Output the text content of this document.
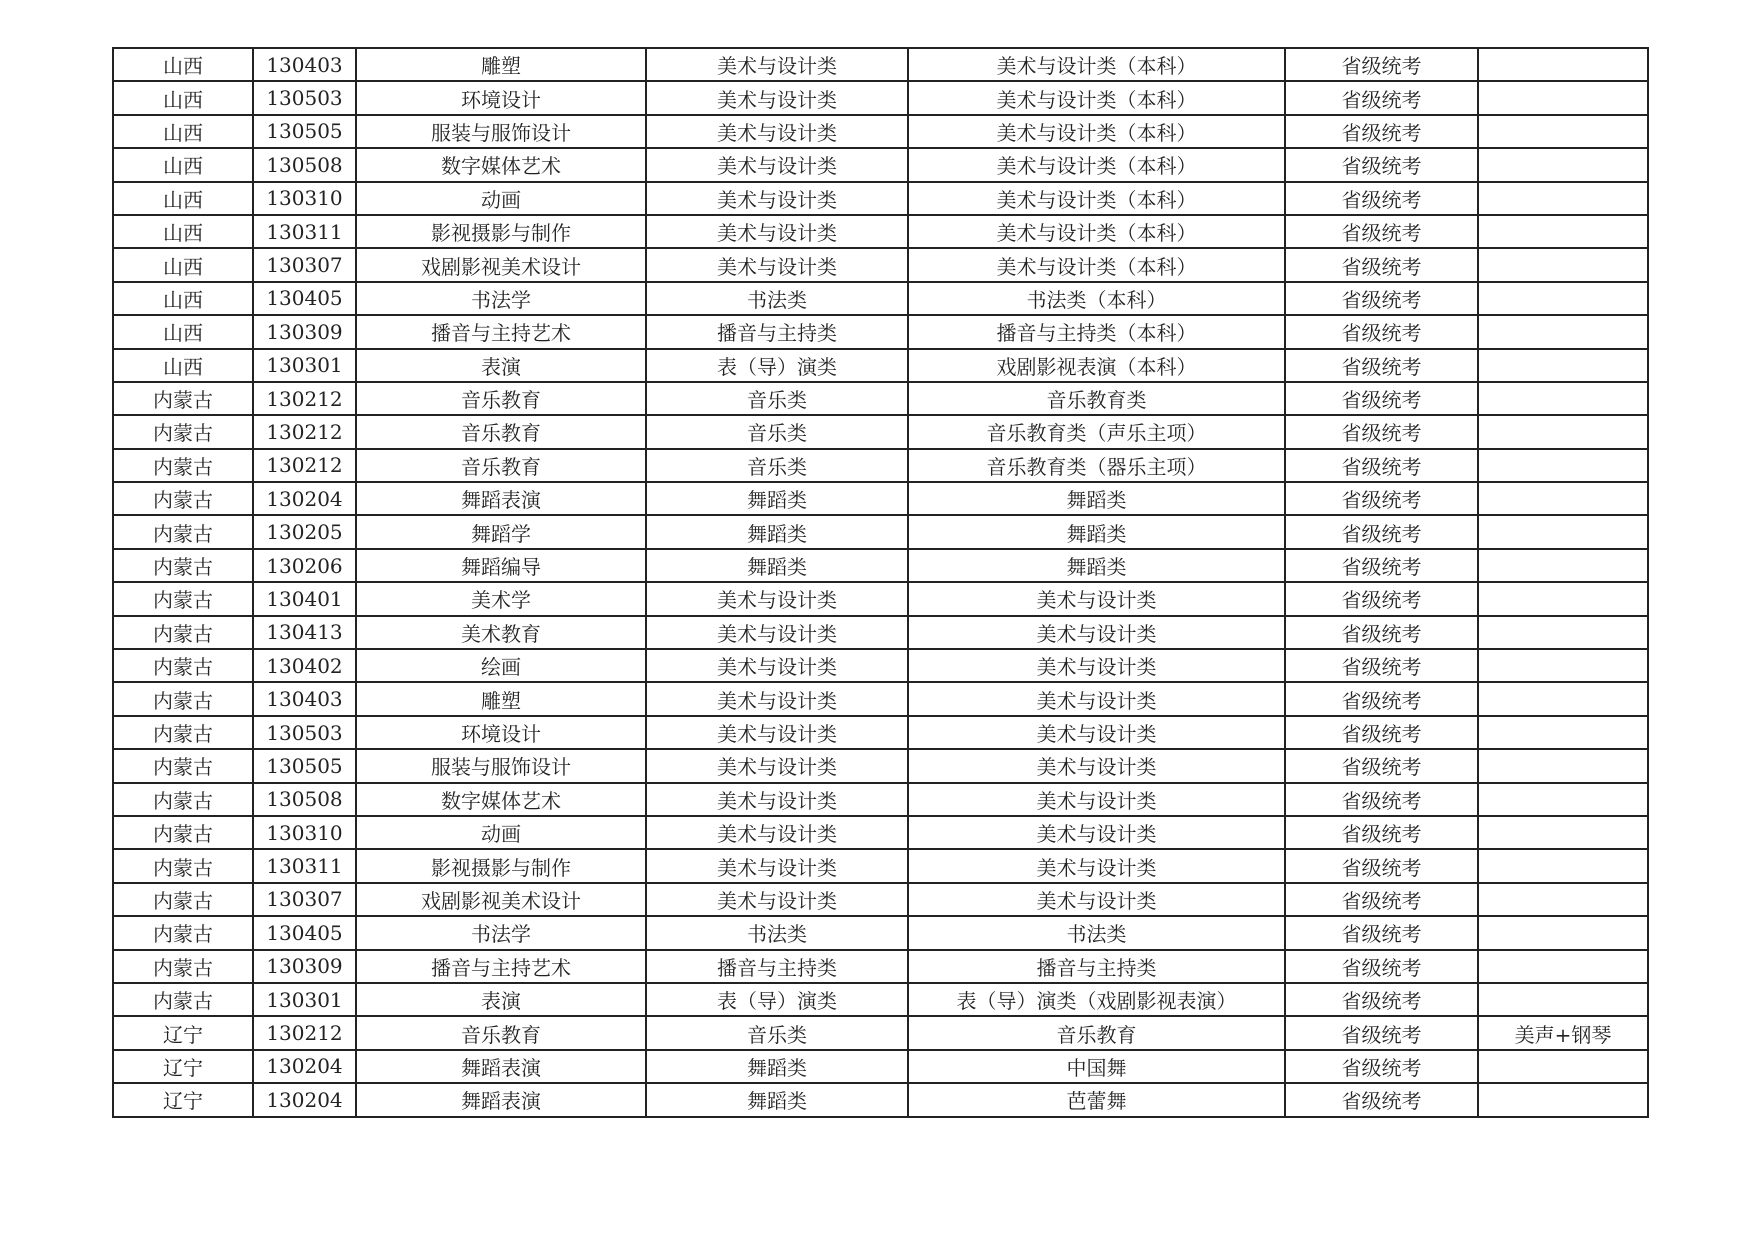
山西	130403	雕塑	美术与设计类	美术与设计类（本科）	省级统考	
山西	130503	环境设计	美术与设计类	美术与设计类（本科）	省级统考	
山西	130505	服装与服饰设计	美术与设计类	美术与设计类（本科）	省级统考	
山西	130508	数字媒体艺术	美术与设计类	美术与设计类（本科）	省级统考	
山西	130310	动画	美术与设计类	美术与设计类（本科）	省级统考	
山西	130311	影视摄影与制作	美术与设计类	美术与设计类（本科）	省级统考	
山西	130307	戏剧影视美术设计	美术与设计类	美术与设计类（本科）	省级统考	
山西	130405	书法学	书法类	书法类（本科）	省级统考	
山西	130309	播音与主持艺术	播音与主持类	播音与主持类（本科）	省级统考	
山西	130301	表演	表（导）演类	戏剧影视表演（本科）	省级统考	
内蒙古	130212	音乐教育	音乐类	音乐教育类	省级统考	
内蒙古	130212	音乐教育	音乐类	音乐教育类（声乐主项）	省级统考	
内蒙古	130212	音乐教育	音乐类	音乐教育类（器乐主项）	省级统考	
内蒙古	130204	舞蹈表演	舞蹈类	舞蹈类	省级统考	
内蒙古	130205	舞蹈学	舞蹈类	舞蹈类	省级统考	
内蒙古	130206	舞蹈编导	舞蹈类	舞蹈类	省级统考	
内蒙古	130401	美术学	美术与设计类	美术与设计类	省级统考	
内蒙古	130413	美术教育	美术与设计类	美术与设计类	省级统考	
内蒙古	130402	绘画	美术与设计类	美术与设计类	省级统考	
内蒙古	130403	雕塑	美术与设计类	美术与设计类	省级统考	
内蒙古	130503	环境设计	美术与设计类	美术与设计类	省级统考	
内蒙古	130505	服装与服饰设计	美术与设计类	美术与设计类	省级统考	
内蒙古	130508	数字媒体艺术	美术与设计类	美术与设计类	省级统考	
内蒙古	130310	动画	美术与设计类	美术与设计类	省级统考	
内蒙古	130311	影视摄影与制作	美术与设计类	美术与设计类	省级统考	
内蒙古	130307	戏剧影视美术设计	美术与设计类	美术与设计类	省级统考	
内蒙古	130405	书法学	书法类	书法类	省级统考	
内蒙古	130309	播音与主持艺术	播音与主持类	播音与主持类	省级统考	
内蒙古	130301	表演	表（导）演类	表（导）演类（戏剧影视表演）	省级统考	
辽宁	130212	音乐教育	音乐类	音乐教育	省级统考	美声+钢琴
辽宁	130204	舞蹈表演	舞蹈类	中国舞	省级统考	
辽宁	130204	舞蹈表演	舞蹈类	芭蕾舞	省级统考	
